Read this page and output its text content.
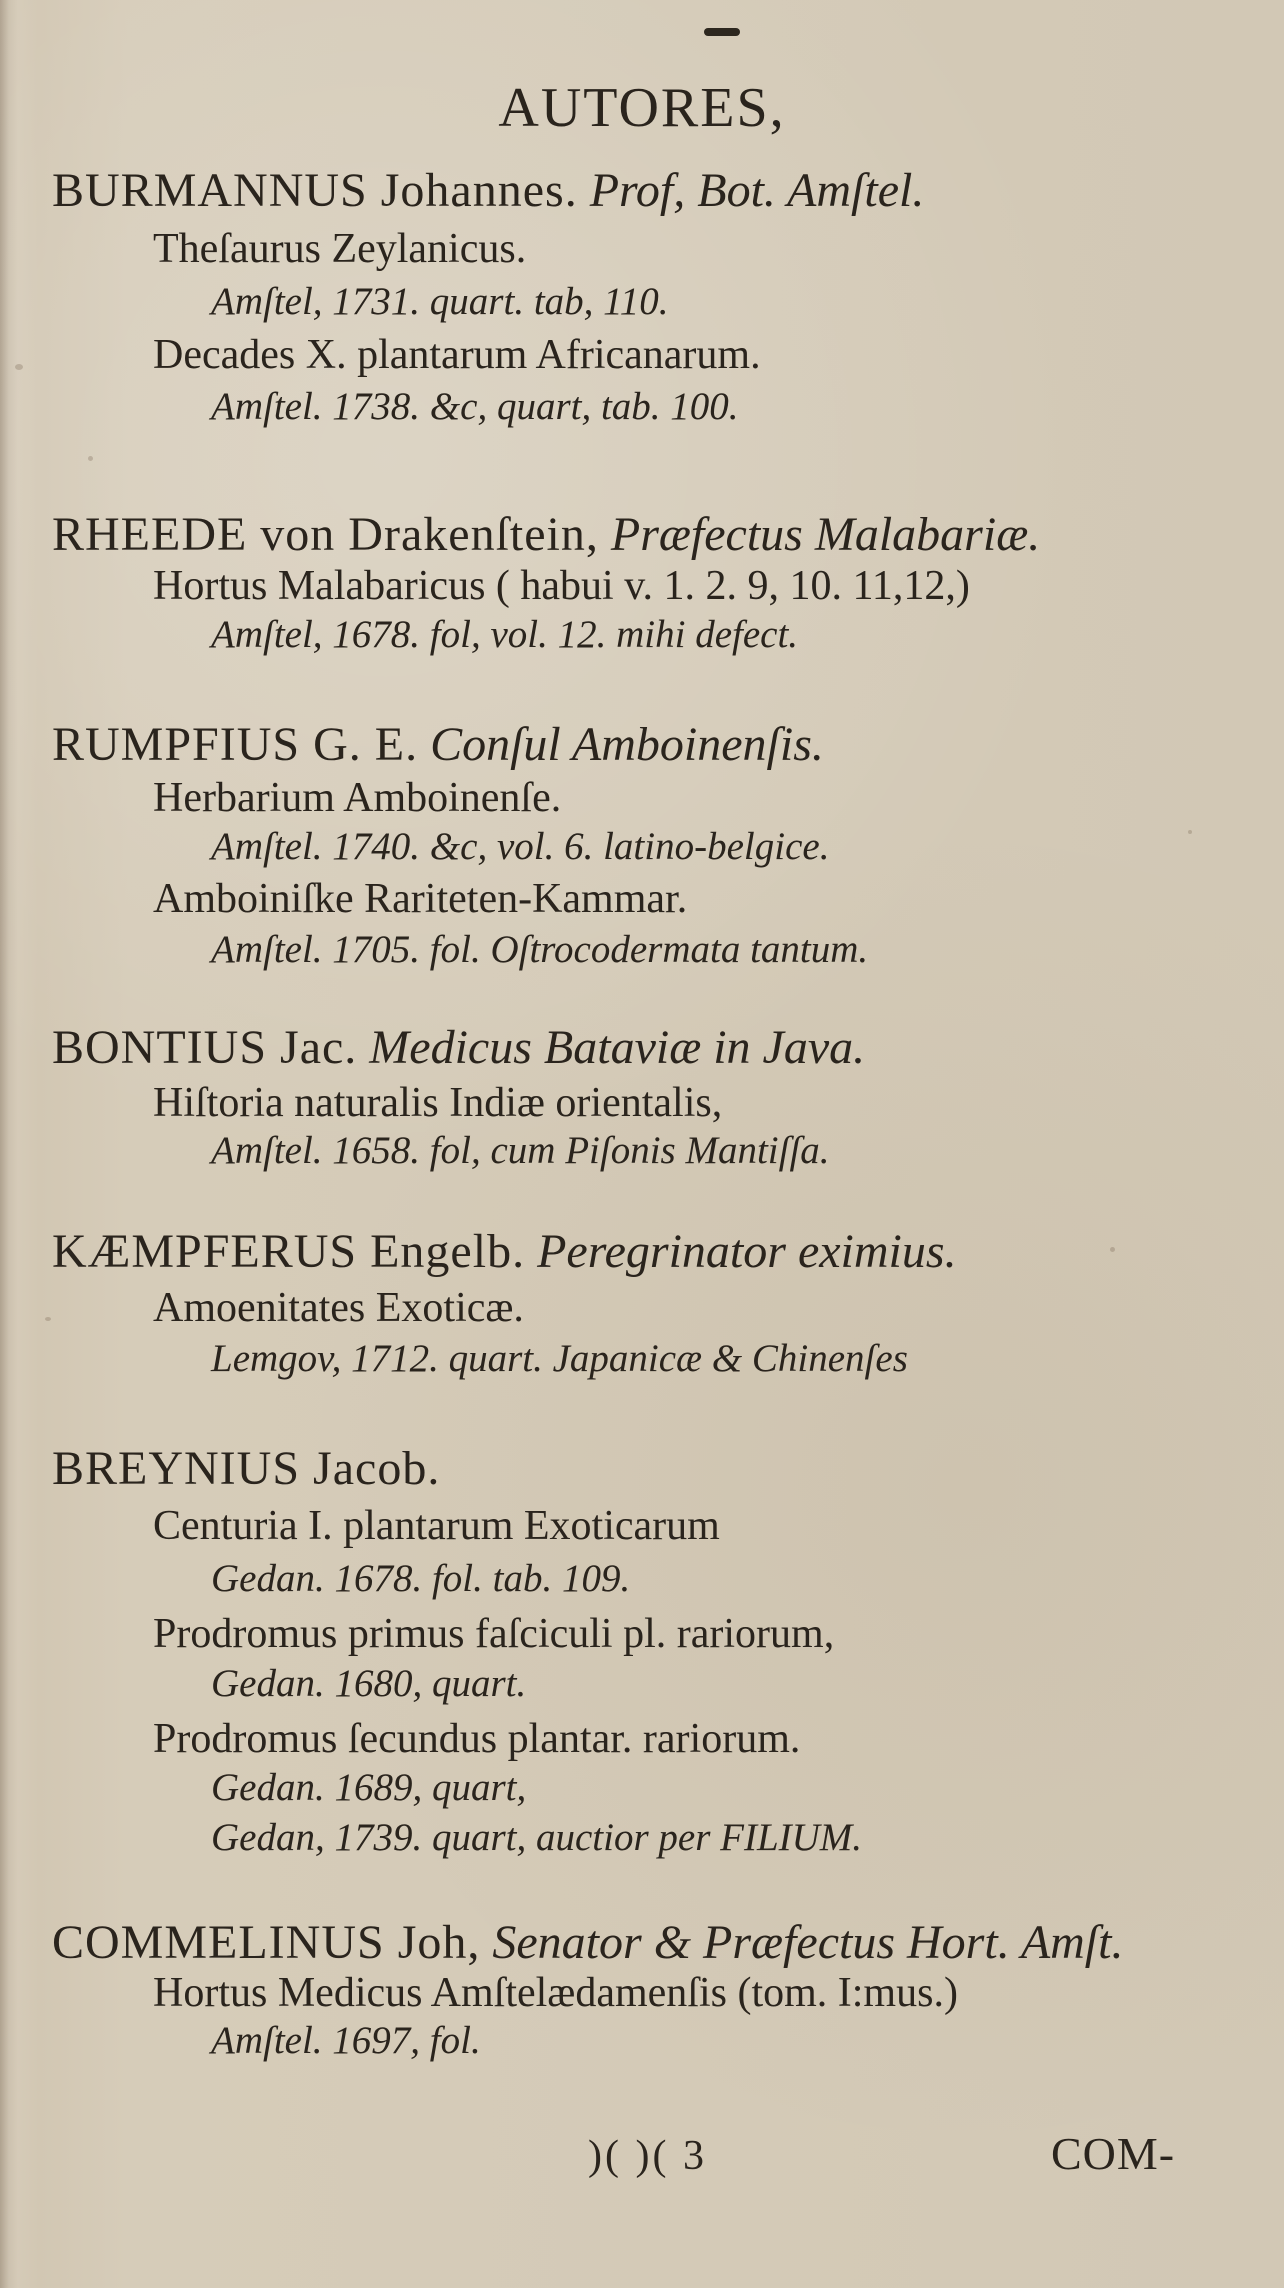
AUTORES,
BURMANNUS Johannes. Prof, Bot. Amſtel.
Theſaurus Zeylanicus.
Amſtel, 1731. quart. tab, 110.
Decades X. plantarum Africanarum.
Amſtel. 1738. &c, quart, tab. 100.
RHEEDE von Drakenſtein, Præfectus Malabariæ.
Hortus Malabaricus ( habui v. 1. 2. 9, 10. 11,12,)
Amſtel, 1678. fol, vol. 12. mihi defect.
RUMPFIUS G. E. Conſul Amboinenſis.
Herbarium Amboinenſe.
Amſtel. 1740. &c, vol. 6. latino-belgice.
Amboiniſke Rariteten-Kammar.
Amſtel. 1705. fol. Oſtrocodermata tantum.
BONTIUS Jac. Medicus Bataviæ in Java.
Hiſtoria naturalis Indiæ orientalis,
Amſtel. 1658. fol, cum Piſonis Mantiſſa.
KÆMPFERUS Engelb. Peregrinator eximius.
Amoenitates Exoticæ.
Lemgov, 1712. quart. Japanicæ & Chinenſes
BREYNIUS Jacob.
Centuria I. plantarum Exoticarum
Gedan. 1678. fol. tab. 109.
Prodromus primus faſciculi pl. rariorum,
Gedan. 1680, quart.
Prodromus ſecundus plantar. rariorum.
Gedan. 1689, quart,
Gedan, 1739. quart, auctior per FILIUM.
COMMELINUS Joh, Senator & Præfectus Hort. Amſt.
Hortus Medicus Amſtelædamenſis (tom. I:mus.)
Amſtel. 1697, fol.
)( )( 3	COM-
